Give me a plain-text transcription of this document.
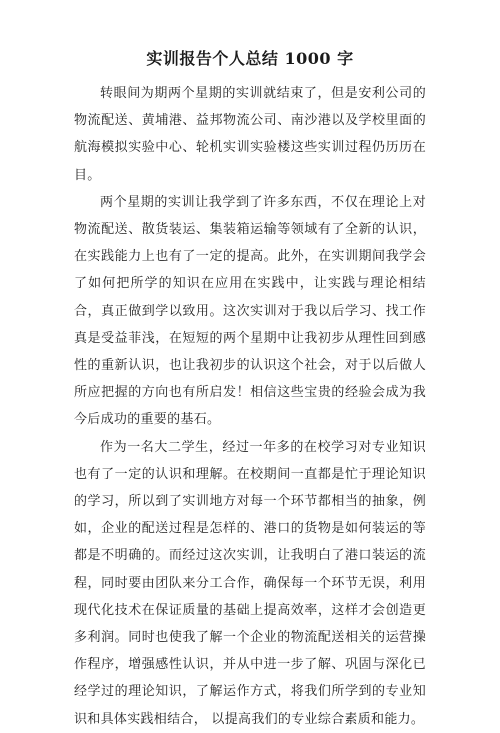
实训报告个人总结 1000 字

转眼间为期两个星期的实训就结束了，但是安利公司的物流配送、黄埔港、益邦物流公司、南沙港以及学校里面的航海模拟实验中心、轮机实训实验楼这些实训过程仍历历在目。

两个星期的实训让我学到了许多东西，不仅在理论上对物流配送、散货装运、集装箱运输等领域有了全新的认识，在实践能力上也有了一定的提高。此外，在实训期间我学会了如何把所学的知识在应用在实践中，让实践与理论相结合，真正做到学以致用。这次实训对于我以后学习、找工作真是受益菲浅，在短短的两个星期中让我初步从理性回到感性的重新认识，也让我初步的认识这个社会，对于以后做人所应把握的方向也有所启发！相信这些宝贵的经验会成为我今后成功的重要的基石。

作为一名大二学生，经过一年多的在校学习对专业知识也有了一定的认识和理解。在校期间一直都是忙于理论知识的学习，所以到了实训地方对每一个环节都相当的抽象，例如，企业的配送过程是怎样的、港口的货物是如何装运的等都是不明确的。而经过这次实训，让我明白了港口装运的流程，同时要由团队来分工合作，确保每一个环节无误，利用现代化技术在保证质量的基础上提高效率，这样才会创造更多利润。同时也使我了解一个企业的物流配送相关的运营操作程序，增强感性认识，并从中进一步了解、巩固与深化已经学过的理论知识，了解运作方式，将我们所学到的专业知识和具体实践相结合， 以提高我们的专业综合素质和能力。
